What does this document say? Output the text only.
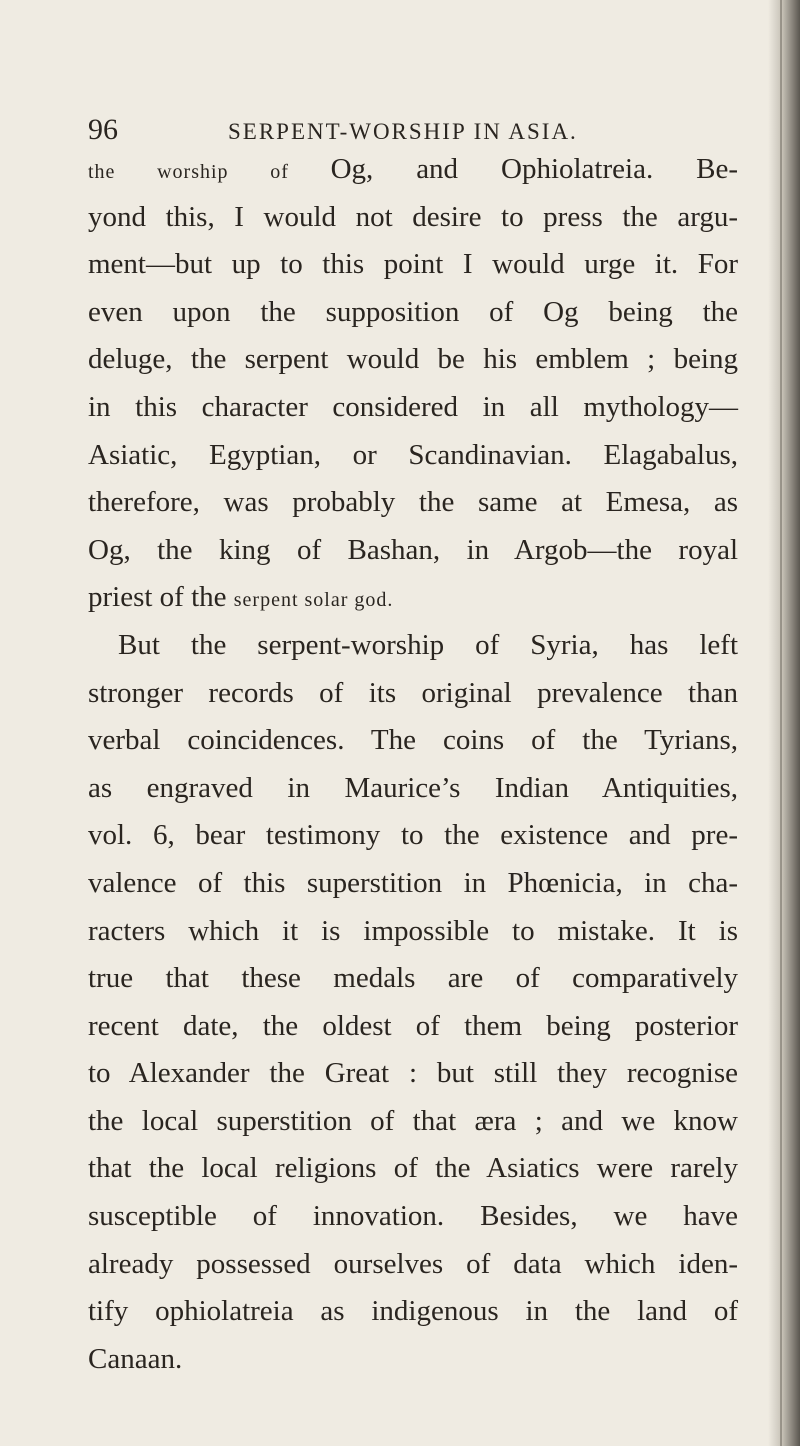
96	SERPENT-WORSHIP IN ASIA.
the worship of Og, and Ophiolatreia. Be-
yond this, I would not desire to press the argu-
ment—but up to this point I would urge it. For
even upon the supposition of Og being the
deluge, the serpent would be his emblem ; being
in this character considered in all mythology—
Asiatic, Egyptian, or Scandinavian. Elagabalus,
therefore, was probably the same at Emesa, as
Og, the king of Bashan, in Argob—the royal
priest of the serpent solar god.
But the serpent-worship of Syria, has left
stronger records of its original prevalence than
verbal coincidences. The coins of the Tyrians,
as engraved in Maurice’s Indian Antiquities,
vol. 6, bear testimony to the existence and pre-
valence of this superstition in Phœnicia, in cha-
racters which it is impossible to mistake. It is
true that these medals are of comparatively
recent date, the oldest of them being posterior
to Alexander the Great : but still they recognise
the local superstition of that æra ; and we know
that the local religions of the Asiatics were rarely
susceptible of innovation. Besides, we have
already possessed ourselves of data which iden-
tify ophiolatreia as indigenous in the land of
Canaan.
